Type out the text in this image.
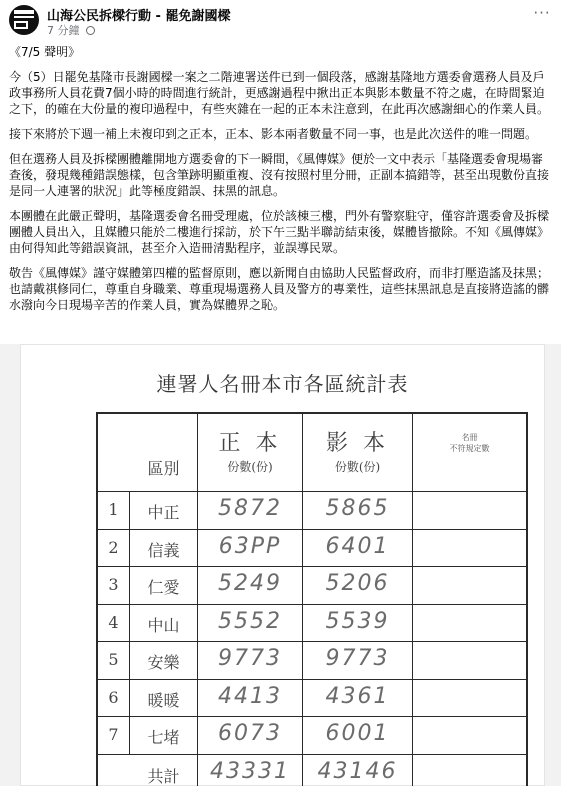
山海公民拆樑行動 - 罷免謝國樑
7 分鐘
···

《7/5 聲明》

今（5）日罷免基隆市長謝國樑一案之二階連署送件已到一個段落，感謝基隆地方選委會選務人員及戶政事務所人員花費7個小時的時間進行統計，更感謝過程中揪出正本與影本數量不符之處，在時間緊迫之下，的確在大份量的複印過程中，有些夾雜在一起的正本未注意到，在此再次感謝細心的作業人員。

接下來將於下週一補上未複印到之正本，正本、影本兩者數量不同一事，也是此次送件的唯一問題。

但在選務人員及拆樑團體離開地方選委會的下一瞬間，《風傳媒》便於一文中表示「基隆選委會現場審查後，發現幾種錯誤態樣，包含筆跡明顯重複、沒有按照村里分冊，正副本搞錯等，甚至出現數份直接是同一人連署的狀況」此等極度錯誤、抹黑的訊息。

本團體在此嚴正聲明，基隆選委會名冊受理處，位於該棟三樓，門外有警察駐守，僅容許選委會及拆樑團體人員出入，且媒體只能於二樓進行採訪，於下午三點半聯訪結束後，媒體皆撤除。不知《風傳媒》由何得知此等錯誤資訊，甚至介入造冊清點程序，並誤導民眾。

敬告《風傳媒》謹守媒體第四權的監督原則，應以新聞自由協助人民監督政府，而非打壓造謠及抹黑；也請戴祺修同仁，尊重自身職業、尊重現場選務人員及警方的專業性，這些抹黑訊息是直接將造謠的髒水潑向今日現場辛苦的作業人員，實為媒體界之恥。

連署人名冊本市各區統計表
區別
正 本
份數(份)
影 本
份數(份)
名冊
不符規定數
1	中正	5872	5865
2	信義	63PP	6401
3	仁愛	5249	5206
4	中山	5552	5539
5	安樂	9773	9773
6	暖暖	4413	4361
7	七堵	6073	6001
共計	43331	43146
